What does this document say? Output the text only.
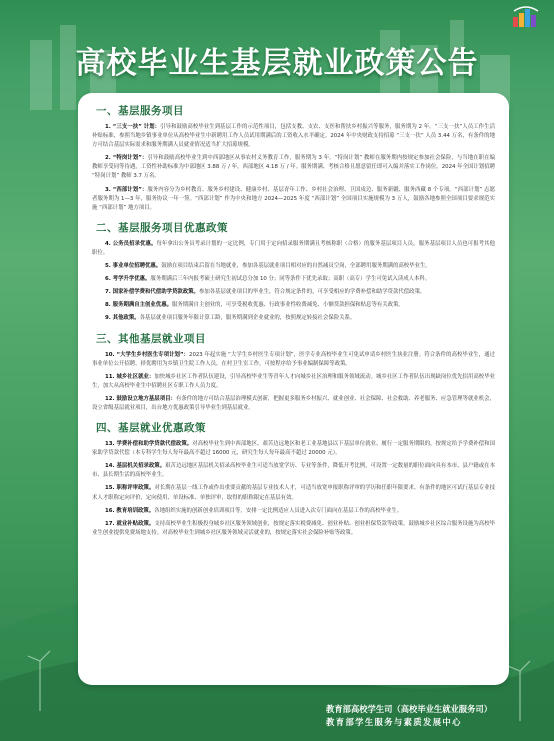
高校毕业生基层就业政策公告
一、基层服务项目

1. “三支一扶” 计划：引导和鼓励高校毕业生到基层工作的示范性项目，包括支教、支农、支医和帮扶乡村振兴等服务，服务期为 2 年。“三支一扶”人员工作生活补贴标准，参照当地乡镇事业单位从高校毕业生中新聘用工作人员试用期满后的工资收入水平确定。2024 年中央财政支持招募 “三支一扶” 人员 3.44 万名，有条件的地方可结合基层实际需求和服务期满人员就业情况适当扩大招募规模。

2. “特岗计划”：引导和鼓励高校毕业生到中西部地区从事农村义务教育工作，服务期为 3 年。“特岗计划” 教师在服务期内按规定参加社会保险，与当地在职在编教师享受同等待遇，工资性补助标准为中部地区 3.88 万 / 年，西部地区 4.18 万 / 年。服务期满、考核合格且愿意留任即可入编并落实工作岗位。2024 年全国计划招聘 “特岗计划” 教师 3.7 万名。

3. “西部计划”：服务内容分为乡村教育、服务乡村建设、健康乡村、基层青年工作、乡村社会治理、卫国戍边、服务新疆、服务西藏 8 个专项。“西部计划” 志愿者服务期为 1—3 年，服务协议一年一签。“西部计划” 作为中央和地方 2024—2025 年度 “西部计划” 全国项目实施规模为 3 万人，鼓励各地参照全国项目要求规范实施 “西部计划” 地方项目。

二、基层服务项目优惠政策

4. 公务员招录优惠。每年拿出公务员考录计划的一定比例，专门用于定向招录服务期满且考核称职（合格）的服务基层项目人员。服务基层项目人员也可报考其他职位。

5. 事业单位招聘优惠。鼓励在项目结束后留在当地就业，参加各基层就业项目相对应的自然减员空岗，全部聘用服务期满的高校毕业生。

6. 考学升学优惠。服务期满后三年内报考硕士研究生初试总分加 10 分；同等条件下优先录取；高职（高专）学生可免试入读成人本科。

7. 国家补偿学费和代偿助学贷款政策。参加各基层就业项目的毕业生，符合规定条件的，可享受相应的学费补偿和助学贷款代偿政策。

8. 服务期满自主创业优惠。服务期满自主创业的，可享受税收优惠、行政事业性收费减免、小额贷款担保和贴息等有关政策。

9. 其他政策。各基层就业项目服务年限计算工龄，服务期满到企业就业的，按照规定转接社会保险关系。

三、其他基层就业项目

10. “大学生乡村医生专项计划”：2023 年起实施 “大学生乡村医生专项计划”，医学专业高校毕业生可免试申请乡村医生执业注册。符合条件的高校毕业生，通过事业单位公开招聘，择优聘用为乡镇卫生院工作人员，在村卫生室工作，可按程序给予事业编制保障等政策。

11. 城乡社区就业：加快城乡社区工作者队伍建设，引导高校毕业生等青年人才向城乡社区治理和服务领域流动。城乡社区工作者队伍出现缺岗位优先招用高校毕业生，加大从高校毕业生中招聘社区专职工作人员力度。

12. 鼓励设立地方基层项目：有条件的地方可结合基层治理模式创新，把握更多服务乡村振兴、就业创业、社会保障、社会救助、养老服务、应急管理等就业机会，设立省级基层就业项目，出台地方优惠政策引导毕业生到基层就业。

四、基层就业优惠政策

13. 学费补偿和助学贷款代偿政策。对高校毕业生到中西部地区、艰苦边远地区和老工业基地县以下基层单位就业、履行一定服务期限的，按规定给予学费补偿和国家助学贷款代偿（本专科学生每人每年最高不超过 16000 元，研究生每人每年最高不超过 20000 元）。

14. 基层机关招录政策。艰苦边远地区基层机关招录高校毕业生可适当放宽学历、专业等条件，降低开考比例，可设置一定数量的职位面向具有本市、县户籍或在本市、县长期生活的高校毕业生。

15. 职称评审政策。对长期在基层一线工作或作出重要贡献的基层专业技术人才，可适当放宽申报职称评审的学历和任职年限要求。有条件的地区可试行基层专业技术人才职称定向评价、定向使用、单设标准、单独评审，取得的职称限定在基层有效。

16. 教育培训政策。各地组织实施的创新创业培训项目等，安排一定比例适应人员进入次专门面向在基层工作的高校毕业生。

17. 就业补贴政策。支持高校毕业生积极投身城乡社区服务领域创业，按规定落实税费减免、创业补贴、创业担保贷款等政策。鼓励城乡社区综合服务设施为高校毕业生创业提供免费场地支持。对高校毕业生到城乡社区服务领域灵活就业的，按规定落实社会保险补贴等政策。

教育部高校学生司（高校毕业生就业服务司）
教育部学生服务与素质发展中心
